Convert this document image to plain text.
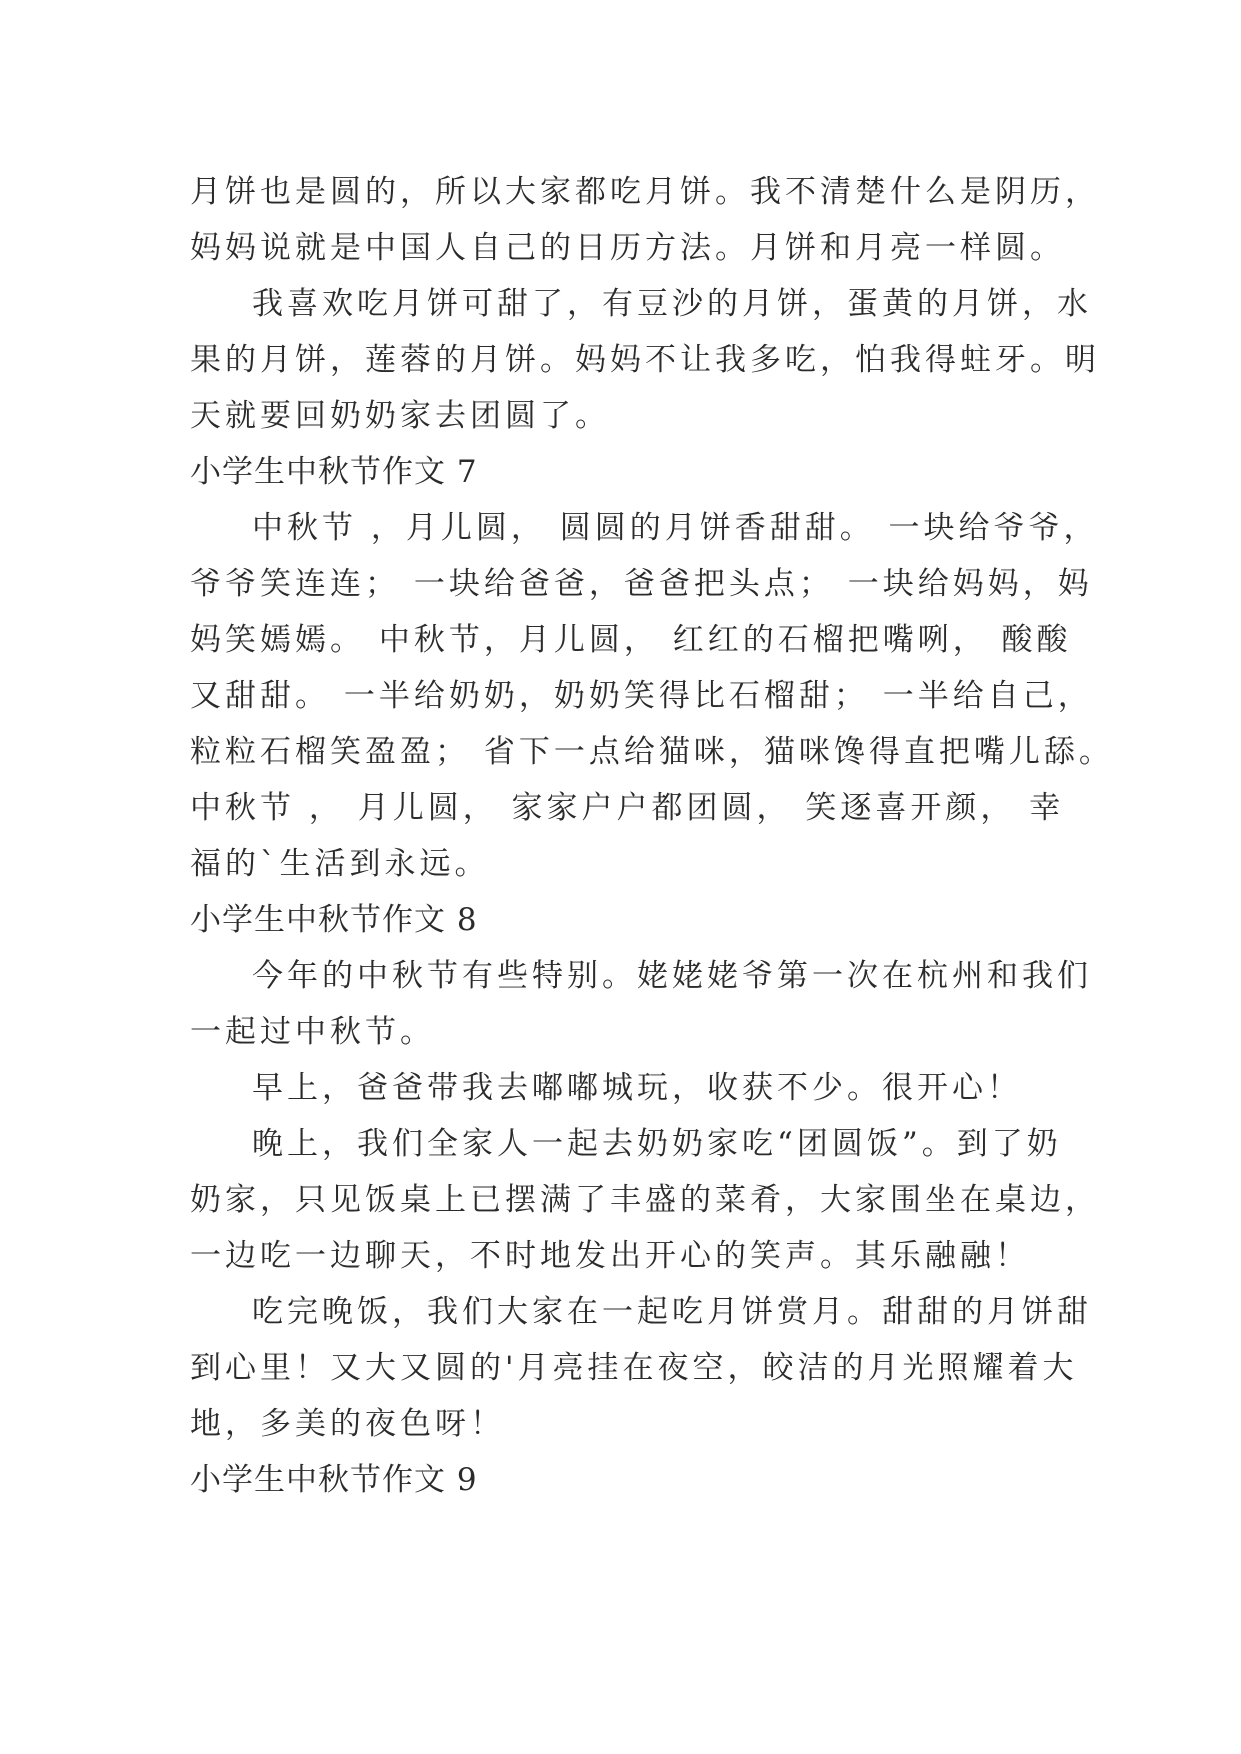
月饼也是圆的，所以大家都吃月饼。我不清楚什么是阴历，
妈妈说就是中国人自己的日历方法。月饼和月亮一样圆。
我喜欢吃月饼可甜了，有豆沙的月饼，蛋黄的月饼，水
果的月饼，莲蓉的月饼。妈妈不让我多吃，怕我得蛀牙。明
天就要回奶奶家去团圆了。
小学生中秋节作文 7
中秋节 ，月儿圆， 圆圆的月饼香甜甜。 一块给爷爷，
爷爷笑连连； 一块给爸爸，爸爸把头点； 一块给妈妈，妈
妈笑嫣嫣。 中秋节，月儿圆， 红红的石榴把嘴咧， 酸酸
又甜甜。 一半给奶奶，奶奶笑得比石榴甜； 一半给自己，
粒粒石榴笑盈盈； 省下一点给猫咪，猫咪馋得直把嘴儿舔。
中秋节 ， 月儿圆， 家家户户都团圆， 笑逐喜开颜， 幸
福的`生活到永远。
小学生中秋节作文 8
今年的中秋节有些特别。姥姥姥爷第一次在杭州和我们
一起过中秋节。
早上，爸爸带我去嘟嘟城玩，收获不少。很开心！
晚上，我们全家人一起去奶奶家吃“团圆饭”。到了奶
奶家，只见饭桌上已摆满了丰盛的菜肴，大家围坐在桌边，
一边吃一边聊天，不时地发出开心的笑声。其乐融融！
吃完晚饭，我们大家在一起吃月饼赏月。甜甜的月饼甜
到心里！又大又圆的'月亮挂在夜空，皎洁的月光照耀着大
地，多美的夜色呀！
小学生中秋节作文 9
